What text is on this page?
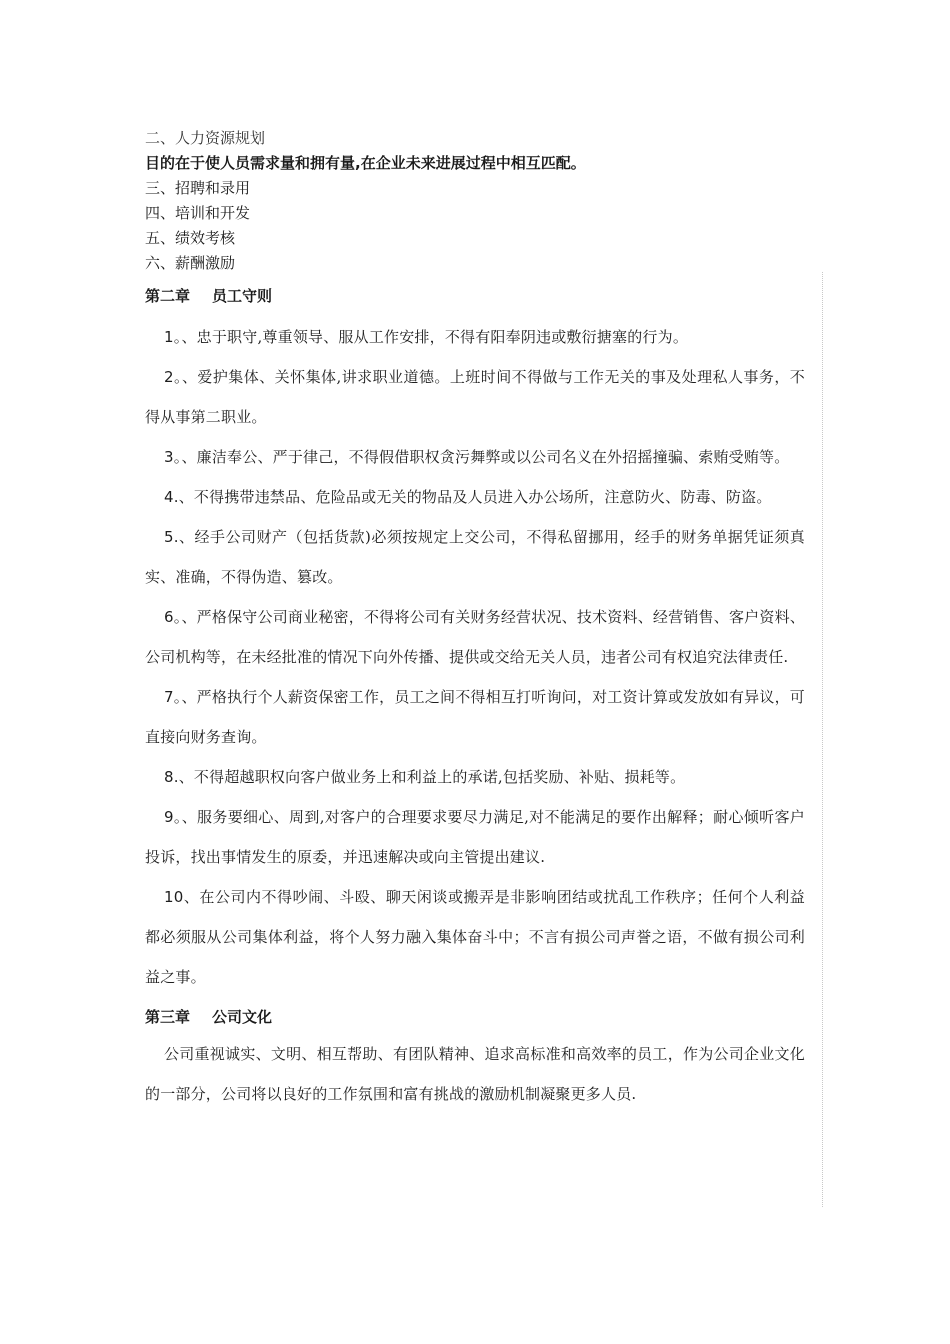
二、人力资源规划
目的在于使人员需求量和拥有量,在企业未来进展过程中相互匹配。
三、招聘和录用
四、培训和开发
五、绩效考核
六、薪酬激励
第二章 员工守则
1。、忠于职守,尊重领导、服从工作安排，不得有阳奉阴违或敷衍搪塞的行为。
2。、爱护集体、关怀集体,讲求职业道德。上班时间不得做与工作无关的事及处理私人事务，不得从事第二职业。
3。、廉洁奉公、严于律己，不得假借职权贪污舞弊或以公司名义在外招摇撞骗、索贿受贿等。
4.、不得携带违禁品、危险品或无关的物品及人员进入办公场所，注意防火、防毒、防盗。
5.、经手公司财产（包括货款)必须按规定上交公司，不得私留挪用，经手的财务单据凭证须真实、准确，不得伪造、篡改。
6。、严格保守公司商业秘密，不得将公司有关财务经营状况、技术资料、经营销售、客户资料、公司机构等，在未经批准的情况下向外传播、提供或交给无关人员，违者公司有权追究法律责任.
7。、严格执行个人薪资保密工作，员工之间不得相互打听询问，对工资计算或发放如有异议，可直接向财务查询。
8.、不得超越职权向客户做业务上和利益上的承诺,包括奖励、补贴、损耗等。
9。、服务要细心、周到,对客户的合理要求要尽力满足,对不能满足的要作出解释；耐心倾听客户投诉，找出事情发生的原委，并迅速解决或向主管提出建议.
10、在公司内不得吵闹、斗殴、聊天闲谈或搬弄是非影响团结或扰乱工作秩序；任何个人利益都必须服从公司集体利益，将个人努力融入集体奋斗中；不言有损公司声誉之语，不做有损公司利益之事。
第三章 公司文化
公司重视诚实、文明、相互帮助、有团队精神、追求高标准和高效率的员工，作为公司企业文化的一部分，公司将以良好的工作氛围和富有挑战的激励机制凝聚更多人员.
